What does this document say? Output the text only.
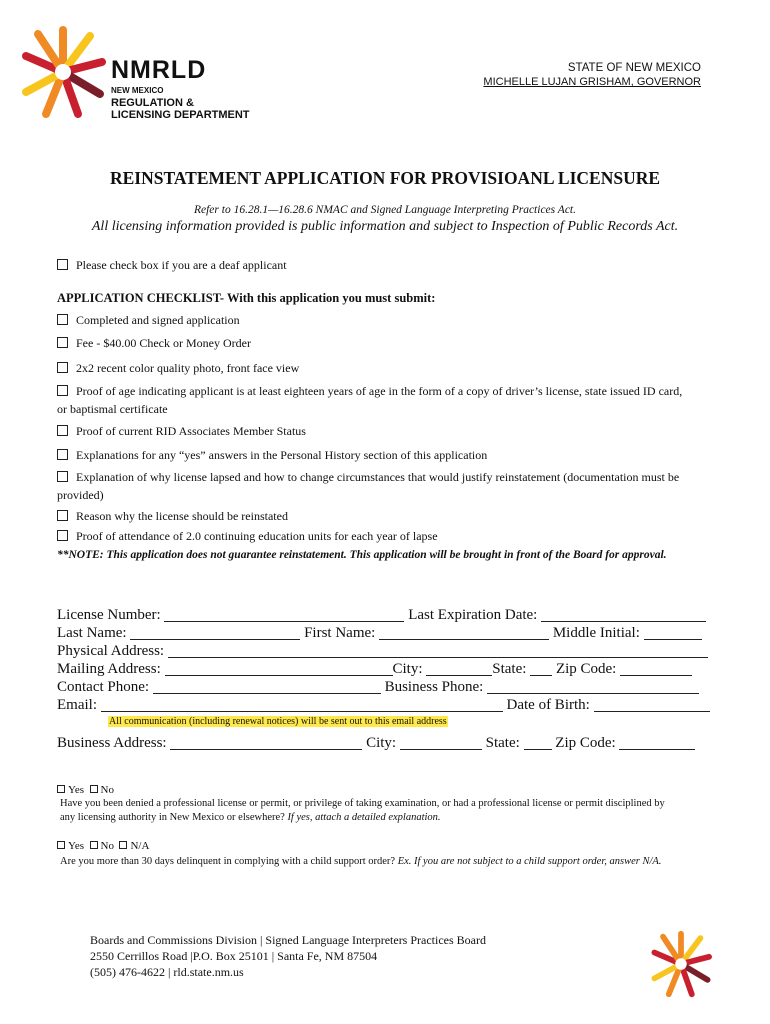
NMRLD
NEW MEXICO
REGULATION &
LICENSING DEPARTMENT
STATE OF NEW MEXICO
MICHELLE LUJAN GRISHAM, GOVERNOR
REINSTATEMENT APPLICATION FOR PROVISIOANL LICENSURE
Refer to 16.28.1—16.28.6 NMAC and Signed Language Interpreting Practices Act.
All licensing information provided is public information and subject to Inspection of Public Records Act.
Please check box if you are a deaf applicant
APPLICATION CHECKLIST- With this application you must submit:
Completed and signed application
Fee - $40.00 Check or Money Order
2x2 recent color quality photo, front face view
Proof of age indicating applicant is at least eighteen years of age in the form of a copy of driver’s license, state issued ID card,
or baptismal certificate
Proof of current RID Associates Member Status
Explanations for any “yes” answers in the Personal History section of this application
Explanation of why license lapsed and how to change circumstances that would justify reinstatement (documentation must be
provided)
Reason why the license should be reinstated
Proof of attendance of 2.0 continuing education units for each year of lapse
**NOTE: This application does not guarantee reinstatement. This application will be brought in front of the Board for approval.
License Number:	Last Expiration Date:
Last Name:	First Name:	Middle Initial:
Physical Address:
Mailing Address:	City:	State: Zip Code:
Contact Phone:	Business Phone:
Email:	Date of Birth:
All communication (including renewal notices) will be sent out to this email address
Business Address:	City:	State: Zip Code:
Yes No
Have you been denied a professional license or permit, or privilege of taking examination, or had a professional license or permit disciplined by
any licensing authority in New Mexico or elsewhere? If yes, attach a detailed explanation.
Yes No N/A
Are you more than 30 days delinquent in complying with a child support order? Ex. If you are not subject to a child support order, answer N/A.
Boards and Commissions Division | Signed Language Interpreters Practices Board
2550 Cerrillos Road |P.O. Box 25101 | Santa Fe, NM 87504
(505) 476-4622 | rld.state.nm.us
